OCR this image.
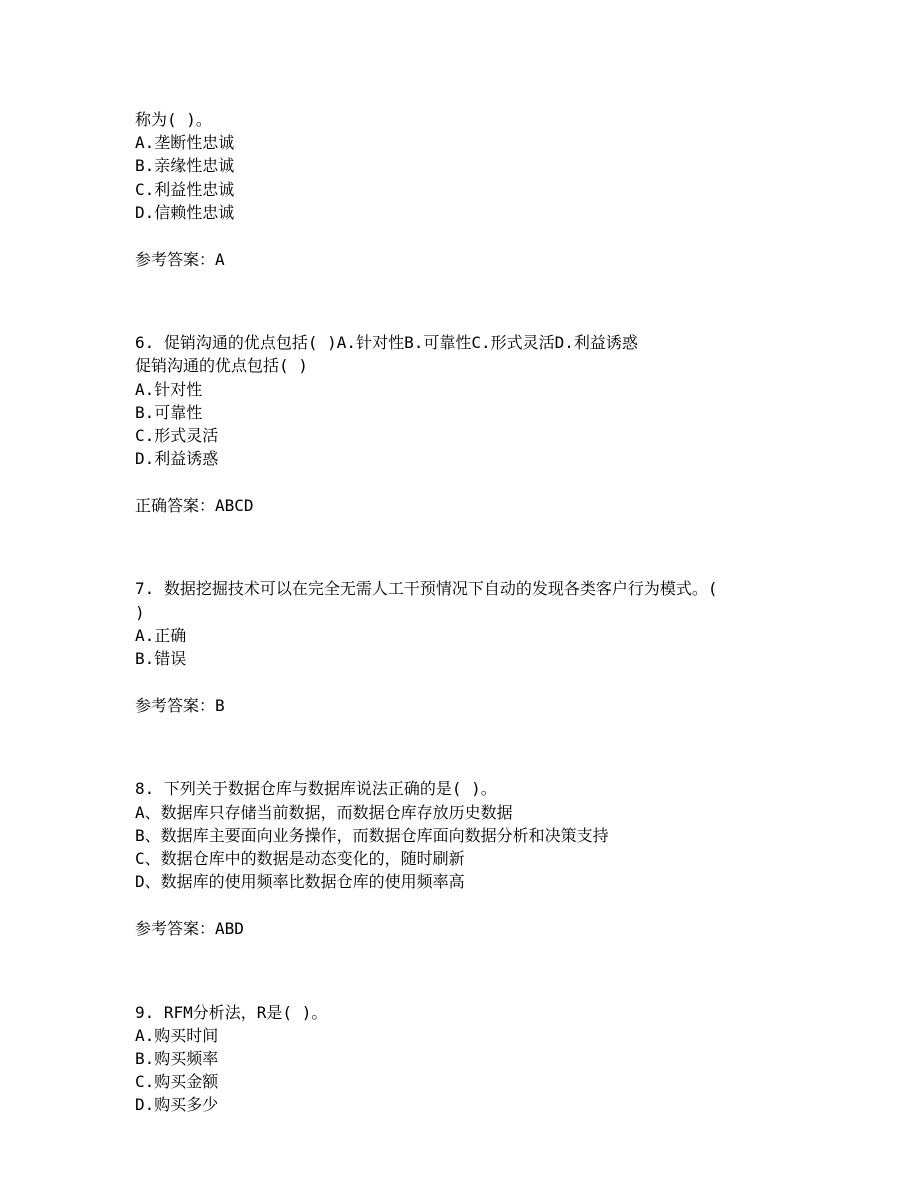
称为( )。
A.垄断性忠诚
B.亲缘性忠诚
C.利益性忠诚
D.信赖性忠诚
参考答案：A
6. 促销沟通的优点包括( )A.针对性B.可靠性C.形式灵活D.利益诱惑
促销沟通的优点包括( )
A.针对性
B.可靠性
C.形式灵活
D.利益诱惑
正确答案：ABCD
7. 数据挖掘技术可以在完全无需人工干预情况下自动的发现各类客户行为模式。(
)
A.正确
B.错误
参考答案：B
8. 下列关于数据仓库与数据库说法正确的是( )。
A、数据库只存储当前数据，而数据仓库存放历史数据
B、数据库主要面向业务操作，而数据仓库面向数据分析和决策支持
C、数据仓库中的数据是动态变化的，随时刷新
D、数据库的使用频率比数据仓库的使用频率高
参考答案：ABD
9. RFM分析法，R是( )。
A.购买时间
B.购买频率
C.购买金额
D.购买多少
